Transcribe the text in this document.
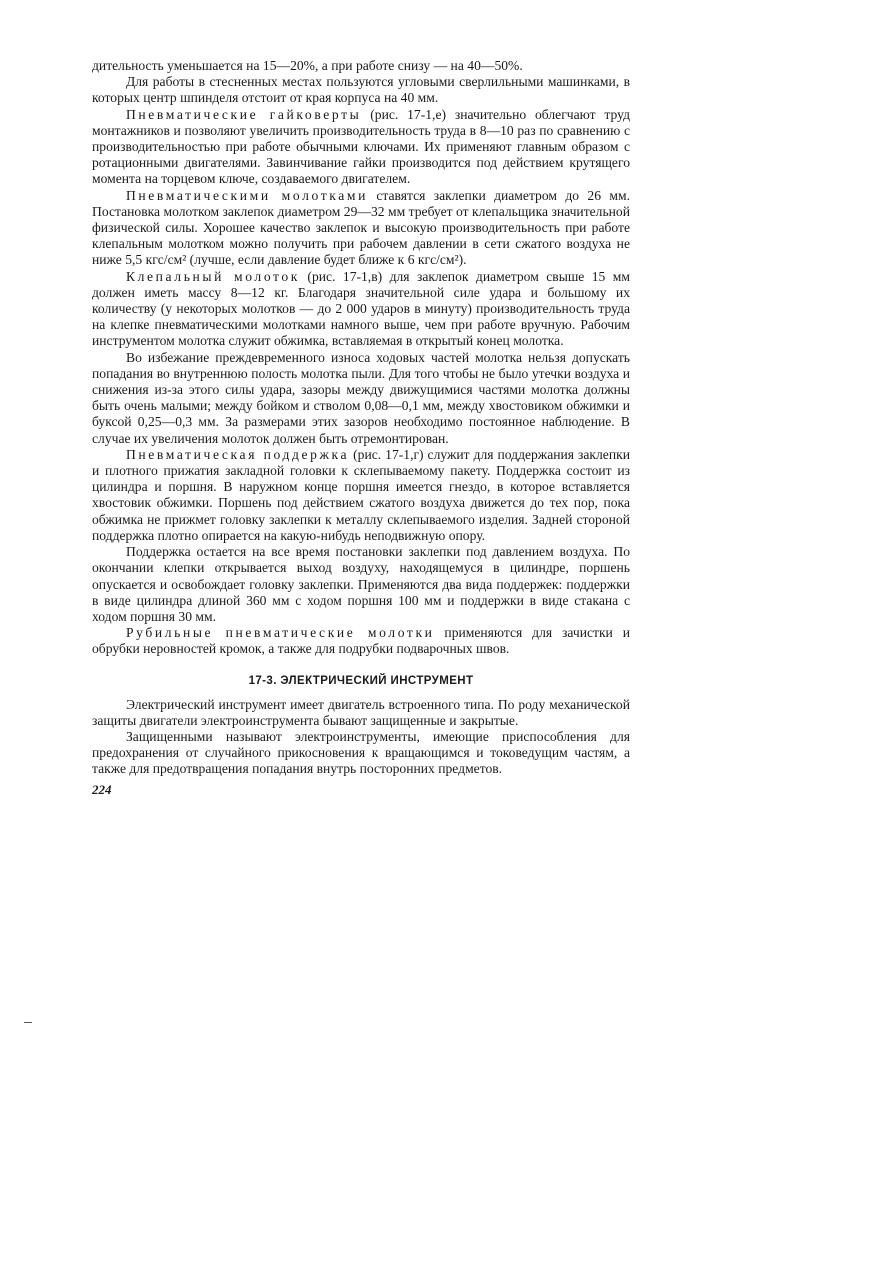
дительность уменьшается на 15—20%, а при работе снизу — на 40—50%.

Для работы в стесненных местах пользуются угловыми сверлильными машинками, в которых центр шпинделя отстоит от края корпуса на 40 мм.

Пневматические гайковерты (рис. 17-1,е) значительно облегчают труд монтажников и позволяют увеличить производительность труда в 8—10 раз по сравнению с производительностью при работе обычными ключами. Их применяют главным образом с ротационными двигателями. Завинчивание гайки производится под действием крутящего момента на торцевом ключе, создаваемого двигателем.

Пневматическими молотками ставятся заклепки диаметром до 26 мм. Постановка молотком заклепок диаметром 29—32 мм требует от клепальщика значительной физической силы. Хорошее качество заклепок и высокую производительность при работе клепальным молотком можно получить при рабочем давлении в сети сжатого воздуха не ниже 5,5 кгс/см² (лучше, если давление будет ближе к 6 кгс/см²).

Клепальный молоток (рис. 17-1,в) для заклепок диаметром свыше 15 мм должен иметь массу 8—12 кг. Благодаря значительной силе удара и большому их количеству (у некоторых молотков — до 2 000 ударов в минуту) производительность труда на клепке пневматическими молотками намного выше, чем при работе вручную. Рабочим инструментом молотка служит обжимка, вставляемая в открытый конец молотка.

Во избежание преждевременного износа ходовых частей молотка нельзя допускать попадания во внутреннюю полость молотка пыли. Для того чтобы не было утечки воздуха и снижения из-за этого силы удара, зазоры между движущимися частями молотка должны быть очень малыми; между бойком и стволом 0,08—0,1 мм, между хвостовиком обжимки и буксой 0,25—0,3 мм. За размерами этих зазоров необходимо постоянное наблюдение. В случае их увеличения молоток должен быть отремонтирован.

Пневматическая поддержка (рис. 17-1,г) служит для поддержания заклепки и плотного прижатия закладной головки к склепываемому пакету. Поддержка состоит из цилиндра и поршня. В наружном конце поршня имеется гнездо, в которое вставляется хвостовик обжимки. Поршень под действием сжатого воздуха движется до тех пор, пока обжимка не прижмет головку заклепки к металлу склепываемого изделия. Задней стороной поддержка плотно опирается на какую-нибудь неподвижную опору.

Поддержка остается на все время постановки заклепки под давлением воздуха. По окончании клепки открывается выход воздуху, находящемуся в цилиндре, поршень опускается и освобождает головку заклепки. Применяются два вида поддержек: поддержки в виде цилиндра длиной 360 мм с ходом поршня 100 мм и поддержки в виде стакана с ходом поршня 30 мм.

Рубильные пневматические молотки применяются для зачистки и обрубки неровностей кромок, а также для подрубки подварочных швов.

17-3. ЭЛЕКТРИЧЕСКИЙ ИНСТРУМЕНТ

Электрический инструмент имеет двигатель встроенного типа. По роду механической защиты двигатели электроинструмента бывают защищенные и закрытые.

Защищенными называют электроинструменты, имеющие приспособления для предохранения от случайного прикосновения к вращающимся и токоведущим частям, а также для предотвращения попадания внутрь посторонних предметов.

224
